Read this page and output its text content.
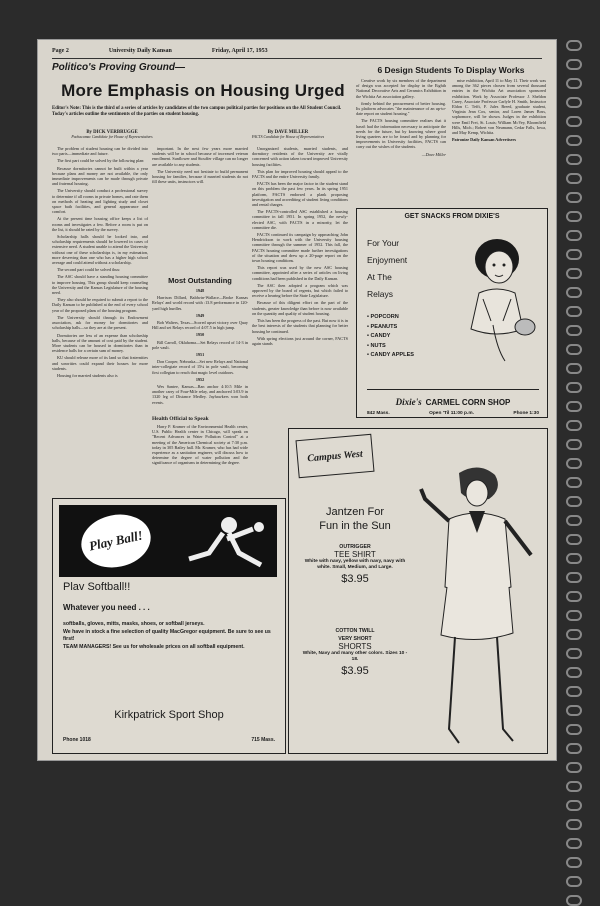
Page 2	University Daily Kansan	Friday, April 17, 1953
Politico's Proving Ground—
More Emphasis on Housing Urged
Editor's Note: This is the third of a series of articles by candidates of the two campus political parties for positions on the All Student Council. Today's articles outline the sentiments of the parties on student housing.
By DICK VERBRUGGE
Pachacamac Candidate for House of Representatives
By DAVE MILLER
FACTS Candidate for House of Representatives

The problem of student housing can be divided into two parts—immediate and future.

The first part could be solved by the following plan:

Because dormitories cannot be built within a year because plans and money are not available, the only immediate improvements can be made through private and fraternal housing.

The University should conduct a professional survey to determine if all rooms in private homes, and rate them on methods of heating and lighting study and closet space bath facilities, and general appearance and comfort.

At the present time housing office keeps a list of rooms and investigates a few. Before a room is put on the list, it should be rated by the survey.

Scholarship halls should be looked into, and scholarship requirements should be lowered in cases of extensive need. A student unable to attend the University without one of these scholarships is, in my estimation, more deserving than one who has a higher high school average and could attend without a scholarship.

The second part could be solved thus:

The ASC should have a standing housing committee to improve housing. This group should keep counseling the University and the Kansas Legislature of the housing need.

They also should be required to submit a report to the Daily Kansan to be published at the end of every school year of the proposed plans of the housing program.

The University should through its Endowment association, ask for money for dormitories and scholarship halls—so they are at the present.

Dormitories are less of an expense than scholarship halls, because of the amount of cost paid by the student. More students can be housed in dormitories than in residence halls for a certain sum of money.

KU should release more of its land so that fraternities and sororities could expand their houses for more students.

Housing for married students also is

important. In the next few years more married students will be in school because of increased veteran enrollment. Sunflower and Stouffer village can no longer are available to any students.

The University need not hesitate to build permanent housing for families, because if married students do not fill these units, instructors will.

Unorganized students, married students, and dormitory residents of the University are vitally concerned with action taken toward improved University housing facilities.

This plan for improved housing should appeal to the FACTS and the entire University family.

FACTS has been the major factor in the student stand on this problem the past few years. In its spring 1951 platform, FACTS endorsed a plank proposing investigation and accrediting of student living conditions and rental charges.

The FACTS-controlled ASC established a housing committee in fall 1951. In spring 1952, the newly-elected ASC, with FACTS in a minority, let the committee die.

FACTS continued its campaign by approaching John Hendrickson to work with the University housing committee through the summer of 1952. This fall, the FACTS housing committee made further investigations of the situation and drew up a 20-page report on the town housing conditions.

This report was used by the new ASC housing committee, appointed after a series of articles on living conditions had been published in the Daily Kansan.

The ASC then adopted a program which was approved by the board of regents, but which failed to receive a hearing before the State Legislature.

Because of this diligent effort on the part of the students, greater knowledge than before is now available on the quantity and quality of student housing.

This has been the progress of the past. But now it is in the best interests of the students that planning for better housing be continued.

With spring elections just around the corner, FACTS again stands

Most Outstanding

1948

Harrison Dillard, Baldwin-Wallace—Broke Kansas Relays' and world record with :13.8 performance in 120-yard high hurdles.

1949

Bob Walters, Texas—Scored upset victory over Quay Hill and set Relays record of 4:07.5 in high jump.

1950

Bill Carroll, Oklahoma—Set Relays record of 14-3 in pole vault.

1951

Don Cooper, Nebraska—Set new Relays and National inter-collegiate record of 15¼ in pole vault, becoming first collegian to reach that magic level outdoors.

1952

Wes Santee, Kansas—Ran anchor 4:10.5 Mile in another carry of Four-Mile relay, and anchored 3:03.9 in 1320 leg of Distance Medley. Jayhawkers won both events.

Health Official to Speak

Harry P. Kramer of the Environmental Health center, U.S. Public Health center in Chicago, will speak on "Recent Advances in Water Pollution Control" at a meeting of the American Chemical society at 7:30 p.m. today in 305 Bailey hall. Mr. Kramer, who has had wide experience as a sanitation engineer, will discuss how to determine the degree of water pollution and the significance of organisms in determining the degree.

6 Design Students To Display Works

Creative work by six members of the department of design was accepted for display in the Eighth National Decorative Arts and Ceramics Exhibition in the Wichita Art association gallery.

firmly behind the procurement of better housing. Its platform advocates "the maintenance of an up-to-date report on student housing."

The FACTS housing committee realizes that it hasn't had the information necessary to anticipate the needs for the future, but by knowing where good living quarters are to be found and by planning for improvements in University facilities, FACTS can carry out the wishes of the students.

—Dave Miller

mise exhibition, April 11 to May 11. Their work was among the 362 pieces chosen from several thousand entries in the Wichita Art association sponsored exhibition. Work by Associate Professor J. Sheldon Carey, Associate Professor Carlyle H. Smith, Instructor Eldon C. Tefft, F. Jules Breed, graduate student, Virginia Jean Cox, senior, and Loren James Boss, sophomore, will be shown. Judges in the exhibition were Emil Frei, St. Louis; William McVey, Bloomfield Hills, Mich.; Robert von Neumann, Cedar Falls, Iowa, and May Kemp, Wichita.

Patronize Daily Kansan Advertisers
GET SNACKS FROM DIXIE'S
For Your
Enjoyment
At The
Relays
• POPCORN
• PEANUTS
• CANDY
• NUTS
• CANDY APPLES
Dixie's CARMEL CORN SHOP
842 Mass.	Open 'Til 11:00 p.m.	Phone 1:30
Play Ball!
Plav Softball!!
Whatever you need . . .
softballs, gloves, mitts, masks, shoes, or softball jerseys.
We have in stock a fine selection of quality MacGregor equipment. Be sure to see us first!
TEAM MANAGERS! See us for wholesale prices on all softball equipment.
Kirkpatrick Sport Shop
Phone 1018	715 Mass.
Campus West
Jantzen For
Fun in the Sun
OUTRIGGER
TEE SHIRT
White with navy, yellow with navy, navy with white. Small, Medium, and Large.
$3.95
COTTON TWILL
VERY SHORT
SHORTS
White, Navy and many other colors. Sizes 10 - 18.
$3.95
